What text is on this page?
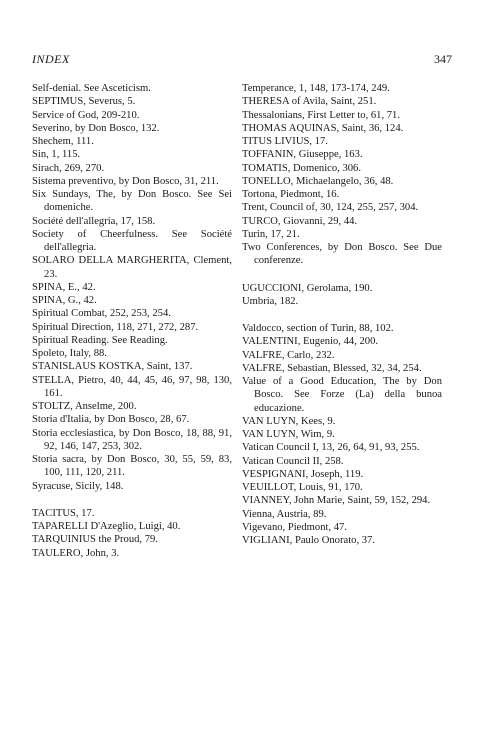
INDEX	347

Self-denial. See Asceticism.

SEPTIMUS, Severus, 5.

Service of God, 209-210.

Severino, by Don Bosco, 132.

Shechem, 111.

Sin, 1, 115.

Sirach, 269, 270.

Sistema preventivo, by Don Bosco, 31, 211.

Six Sundays, The, by Don Bosco. See Sei domeniche.

Société dell'allegria, 17, 158.

Society of Cheerfulness. See Société dell'allegria.

SOLARO DELLA MARGHERITA, Clement, 23.

SPINA, E., 42.

SPINA, G., 42.

Spiritual Combat, 252, 253, 254.

Spiritual Direction, 118, 271, 272, 287.

Spiritual Reading. See Reading.

Spoleto, Italy, 88.

STANISLAUS KOSTKA, Saint, 137.

STELLA, Pietro, 40, 44, 45, 46, 97, 98, 130, 161.

STOLTZ, Anselme, 200.

Storia d'Italia, by Don Bosco, 28, 67.

Storia ecclesiastica, by Don Bosco, 18, 88, 91, 92, 146, 147, 253, 302.

Storia sacra, by Don Bosco, 30, 55, 59, 83, 100, 111, 120, 211.

Syracuse, Sicily, 148.

TACITUS, 17.

TAPARELLI D'Azeglio, Luigi, 40.

TARQUINIUS the Proud, 79.

TAULERO, John, 3.

Temperance, 1, 148, 173-174, 249.

THERESA of Avila, Saint, 251.

Thessalonians, First Letter to, 61, 71.

THOMAS AQUINAS, Saint, 36, 124.

TITUS LIVIUS, 17.

TOFFANIN, Giuseppe, 163.

TOMATIS, Domenico, 306.

TONELLO, Michaelangelo, 36, 48.

Tortona, Piedmont, 16.

Trent, Council of, 30, 124, 255, 257, 304.

TURCO, Giovanni, 29, 44.

Turin, 17, 21.

Two Conferences, by Don Bosco. See Due conferenze.

UGUCCIONI, Gerolama, 190.

Umbria, 182.

Valdocco, section of Turin, 88, 102.

VALENTINI, Eugenio, 44, 200.

VALFRE, Carlo, 232.

VALFRE, Sebastian, Blessed, 32, 34, 254.

Value of a Good Education, The by Don Bosco. See Forze (La) della bunoa educazione.

VAN LUYN, Kees, 9.

VAN LUYN, Wim, 9.

Vatican Council I, 13, 26, 64, 91, 93, 255.

Vatican Council II, 258.

VESPIGNANI, Joseph, 119.

VEUILLOT, Louis, 91, 170.

VIANNEY, John Marie, Saint, 59, 152, 294.

Vienna, Austria, 89.

Vigevano, Piedmont, 47.

VIGLIANI, Paulo Onorato, 37.
